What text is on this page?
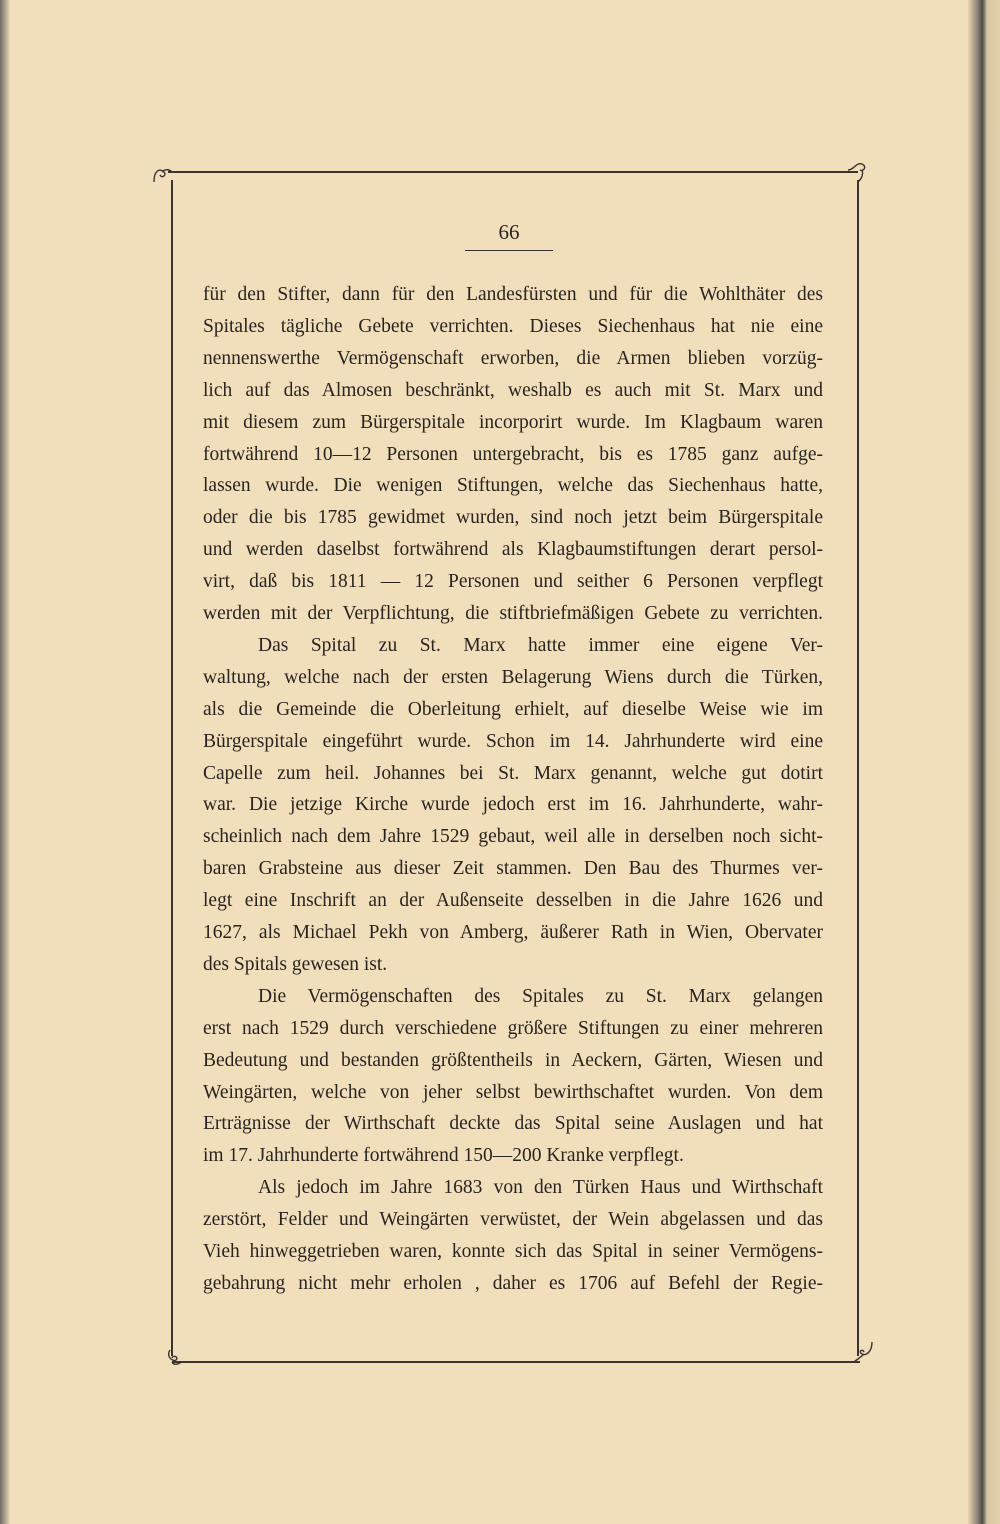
66
für den Stifter, dann für den Landesfürsten und für die Wohlthäter des
Spitales tägliche Gebete verrichten. Dieses Siechenhaus hat nie eine
nennenswerthe Vermögenschaft erworben, die Armen blieben vorzüg-
lich auf das Almosen beschränkt, weshalb es auch mit St. Marx und
mit diesem zum Bürgerspitale incorporirt wurde. Im Klagbaum waren
fortwährend 10—12 Personen untergebracht, bis es 1785 ganz aufge-
lassen wurde. Die wenigen Stiftungen, welche das Siechenhaus hatte,
oder die bis 1785 gewidmet wurden, sind noch jetzt beim Bürgerspitale
und werden daselbst fortwährend als Klagbaumstiftungen derart persol-
virt, daß bis 1811 — 12 Personen und seither 6 Personen verpflegt
werden mit der Verpflichtung, die stiftbriefmäßigen Gebete zu verrichten.
Das Spital zu St. Marx hatte immer eine eigene Ver-
waltung, welche nach der ersten Belagerung Wiens durch die Türken,
als die Gemeinde die Oberleitung erhielt, auf dieselbe Weise wie im
Bürgerspitale eingeführt wurde. Schon im 14. Jahrhunderte wird eine
Capelle zum heil. Johannes bei St. Marx genannt, welche gut dotirt
war. Die jetzige Kirche wurde jedoch erst im 16. Jahrhunderte, wahr-
scheinlich nach dem Jahre 1529 gebaut, weil alle in derselben noch sicht-
baren Grabsteine aus dieser Zeit stammen. Den Bau des Thurmes ver-
legt eine Inschrift an der Außenseite desselben in die Jahre 1626 und
1627, als Michael Pekh von Amberg, äußerer Rath in Wien, Obervater
des Spitals gewesen ist.
Die Vermögenschaften des Spitales zu St. Marx gelangen
erst nach 1529 durch verschiedene größere Stiftungen zu einer mehreren
Bedeutung und bestanden größtentheils in Aeckern, Gärten, Wiesen und
Weingärten, welche von jeher selbst bewirthschaftet wurden. Von dem
Erträgnisse der Wirthschaft deckte das Spital seine Auslagen und hat
im 17. Jahrhunderte fortwährend 150—200 Kranke verpflegt.
Als jedoch im Jahre 1683 von den Türken Haus und Wirthschaft
zerstört, Felder und Weingärten verwüstet, der Wein abgelassen und das
Vieh hinweggetrieben waren, konnte sich das Spital in seiner Vermögens-
gebahrung nicht mehr erholen , daher es 1706 auf Befehl der Regie-
